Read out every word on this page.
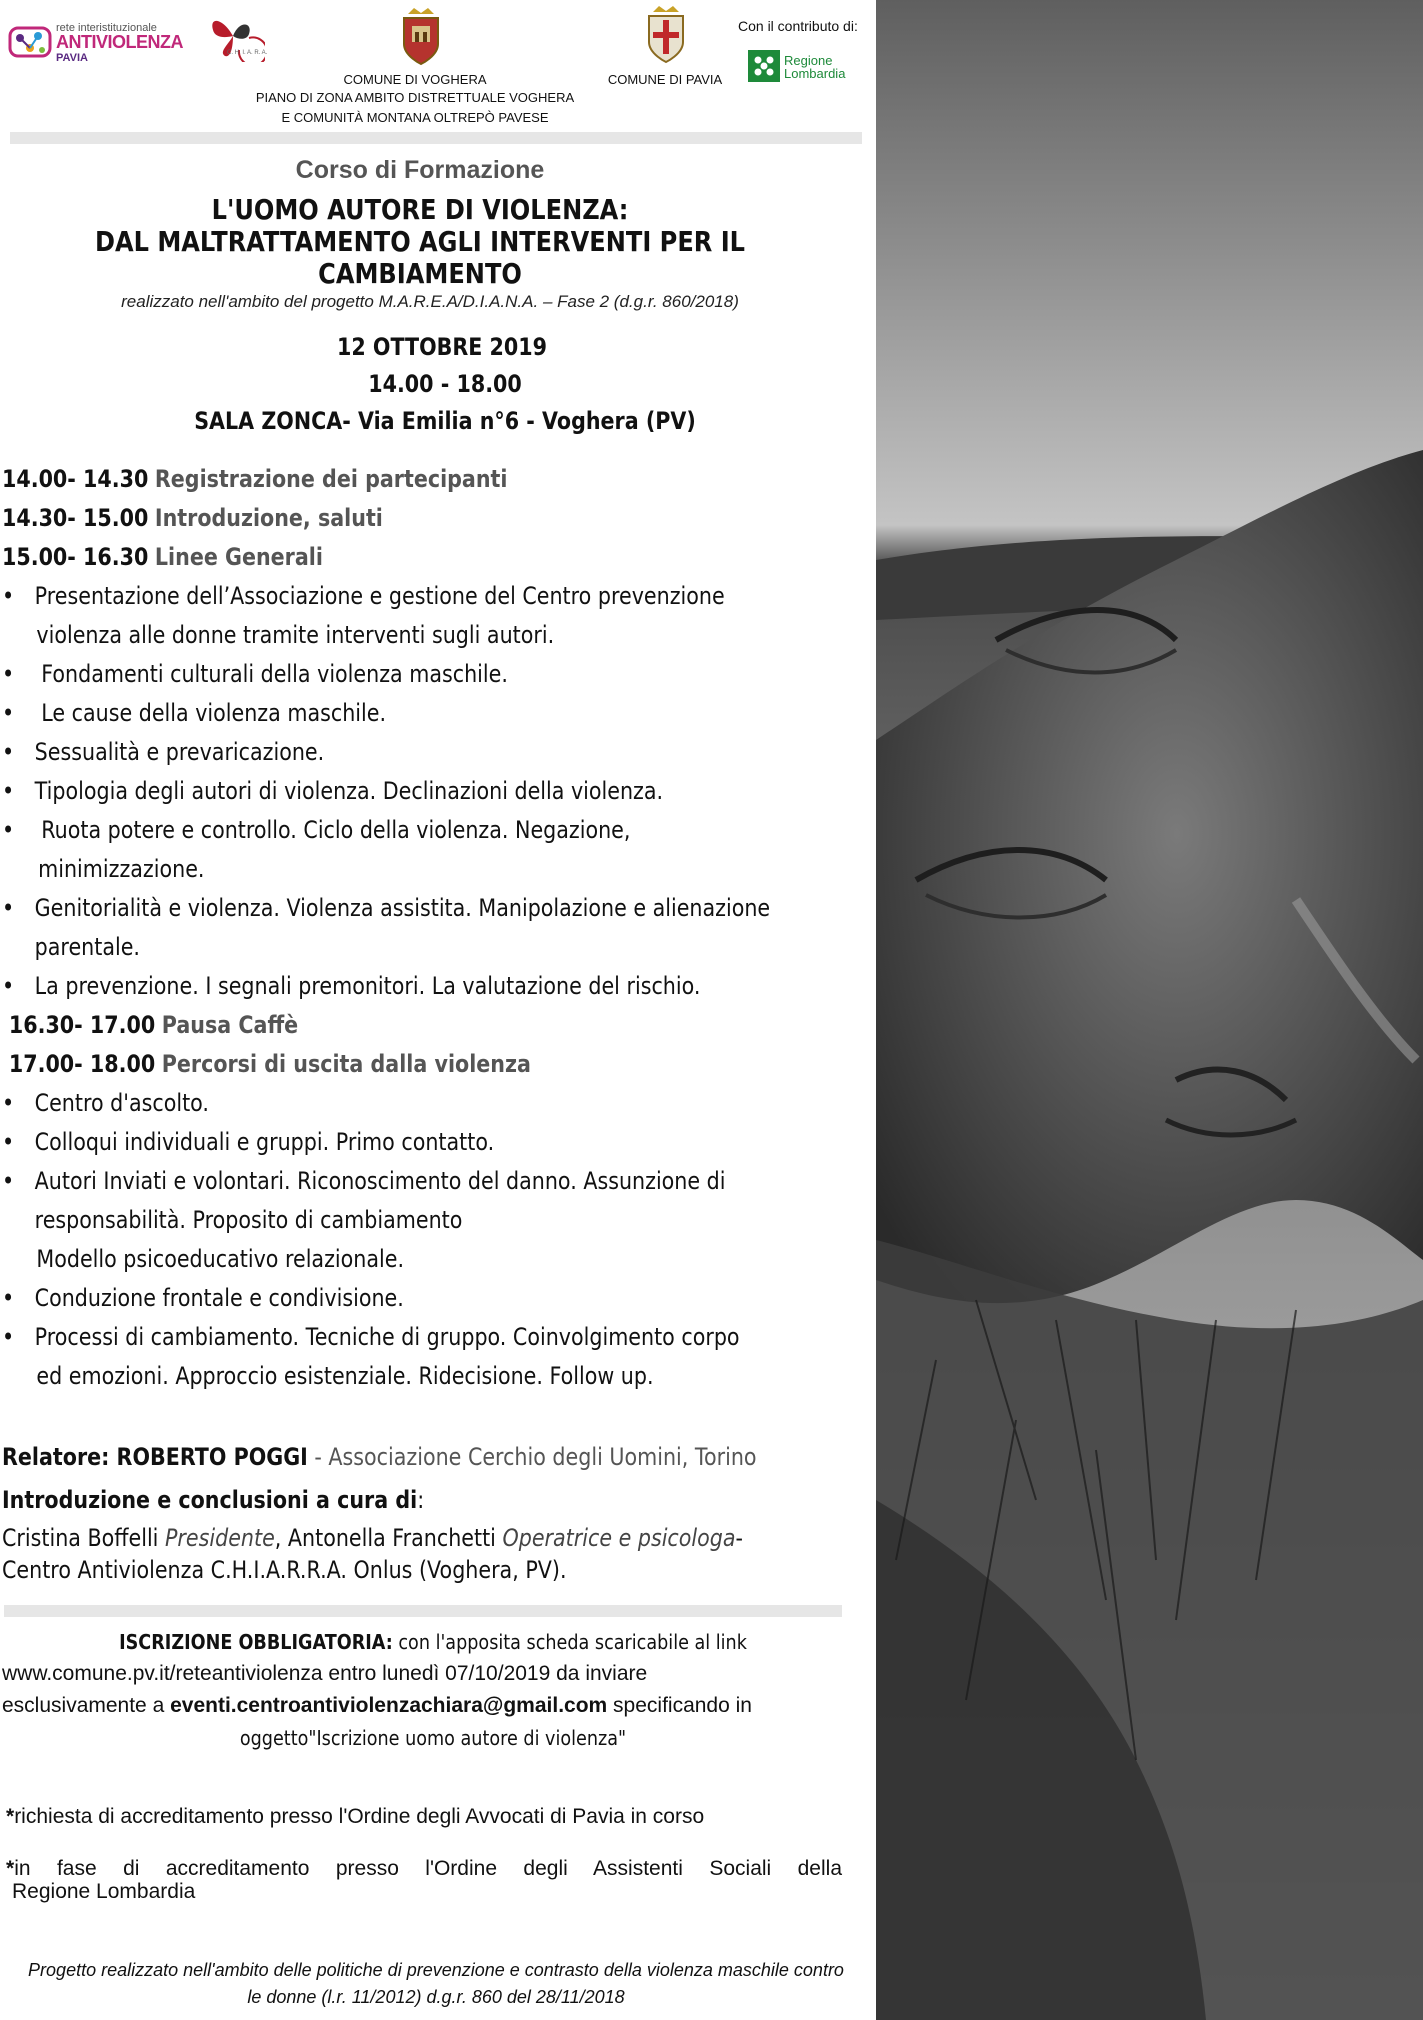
rete interistituzionale
ANTIVIOLENZA
PAVIA	C. H. I. A. R. A.
Con il contributo di:
Regione
Lombardia
COMUNE DI VOGHERA	COMUNE DI PAVIA
PIANO DI ZONA AMBITO DISTRETTUALE VOGHERA
E COMUNITÀ MONTANA OLTREPÒ PAVESE
Corso di Formazione
L'UOMO AUTORE DI VIOLENZA:
DAL MALTRATTAMENTO AGLI INTERVENTI PER IL
CAMBIAMENTO
realizzato nell'ambito del progetto M.A.R.E.A/D.I.A.N.A. – Fase 2 (d.g.r. 860/2018)
12 OTTOBRE 2019
14.00 - 18.00
SALA ZONCA- Via Emilia n°6 - Voghera (PV)
14.00- 14.30 Registrazione dei partecipanti
14.30- 15.00 Introduzione, saluti
15.00- 16.30 Linee Generali
• Presentazione dell’Associazione e gestione del Centro prevenzione
violenza alle donne tramite interventi sugli autori.
• Fondamenti culturali della violenza maschile.
• Le cause della violenza maschile.
• Sessualità e prevaricazione.
• Tipologia degli autori di violenza. Declinazioni della violenza.
• Ruota potere e controllo. Ciclo della violenza. Negazione,
minimizzazione.
• Genitorialità e violenza. Violenza assistita. Manipolazione e alienazione
parentale.
• La prevenzione. I segnali premonitori. La valutazione del rischio.
16.30- 17.00 Pausa Caffè
17.00- 18.00 Percorsi di uscita dalla violenza
• Centro d'ascolto.
• Colloqui individuali e gruppi. Primo contatto.
• Autori Inviati e volontari. Riconoscimento del danno. Assunzione di
responsabilità. Proposito di cambiamento
Modello psicoeducativo relazionale.
• Conduzione frontale e condivisione.
• Processi di cambiamento. Tecniche di gruppo. Coinvolgimento corpo
ed emozioni. Approccio esistenziale. Ridecisione. Follow up.
Relatore: ROBERTO POGGI - Associazione Cerchio degli Uomini, Torino
Introduzione e conclusioni a cura di:
Cristina Boffelli Presidente, Antonella Franchetti Operatrice e psicologa-
Centro Antiviolenza C.H.I.A.R.R.A. Onlus (Voghera, PV).
ISCRIZIONE OBBLIGATORIA: con l'apposita scheda scaricabile al link
www.comune.pv.it/reteantiviolenza entro lunedì 07/10/2019 da inviare
esclusivamente a eventi.centroantiviolenzachiara@gmail.com specificando in
oggetto"Iscrizione uomo autore di violenza"
*richiesta di accreditamento presso l'Ordine degli Avvocati di Pavia in corso
*in fase di accreditamento presso l'Ordine degli Assistenti Sociali della
Regione Lombardia
Progetto realizzato nell'ambito delle politiche di prevenzione e contrasto della violenza maschile contro
le donne (l.r. 11/2012) d.g.r. 860 del 28/11/2018
